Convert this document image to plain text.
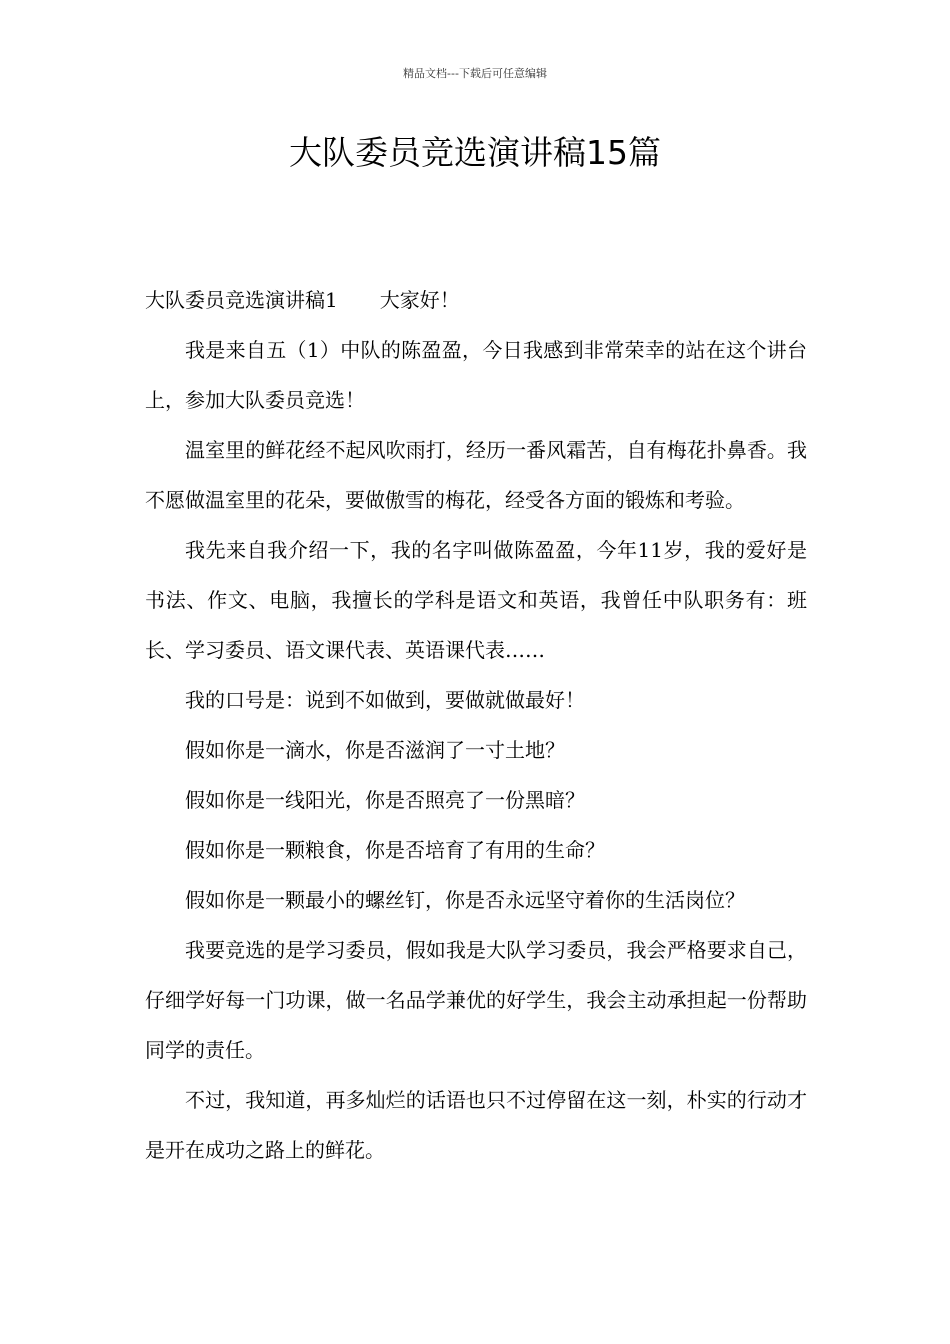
精品文档---下载后可任意编辑
大队委员竞选演讲稿15篇

大队委员竞选演讲稿1 大家好！

我是来自五（1）中队的陈盈盈，今日我感到非常荣幸的站在这个讲台上，参加大队委员竞选！

温室里的鲜花经不起风吹雨打，经历一番风霜苦，自有梅花扑鼻香。我不愿做温室里的花朵，要做傲雪的梅花，经受各方面的锻炼和考验。

我先来自我介绍一下，我的名字叫做陈盈盈，今年11岁，我的爱好是书法、作文、电脑，我擅长的学科是语文和英语，我曾任中队职务有：班长、学习委员、语文课代表、英语课代表……

我的口号是：说到不如做到，要做就做最好！

假如你是一滴水，你是否滋润了一寸土地？

假如你是一线阳光，你是否照亮了一份黑暗？

假如你是一颗粮食，你是否培育了有用的生命？

假如你是一颗最小的螺丝钉，你是否永远坚守着你的生活岗位？

我要竞选的是学习委员，假如我是大队学习委员，我会严格要求自己，仔细学好每一门功课，做一名品学兼优的好学生，我会主动承担起一份帮助同学的责任。

不过，我知道，再多灿烂的话语也只不过停留在这一刻，朴实的行动才是开在成功之路上的鲜花。
